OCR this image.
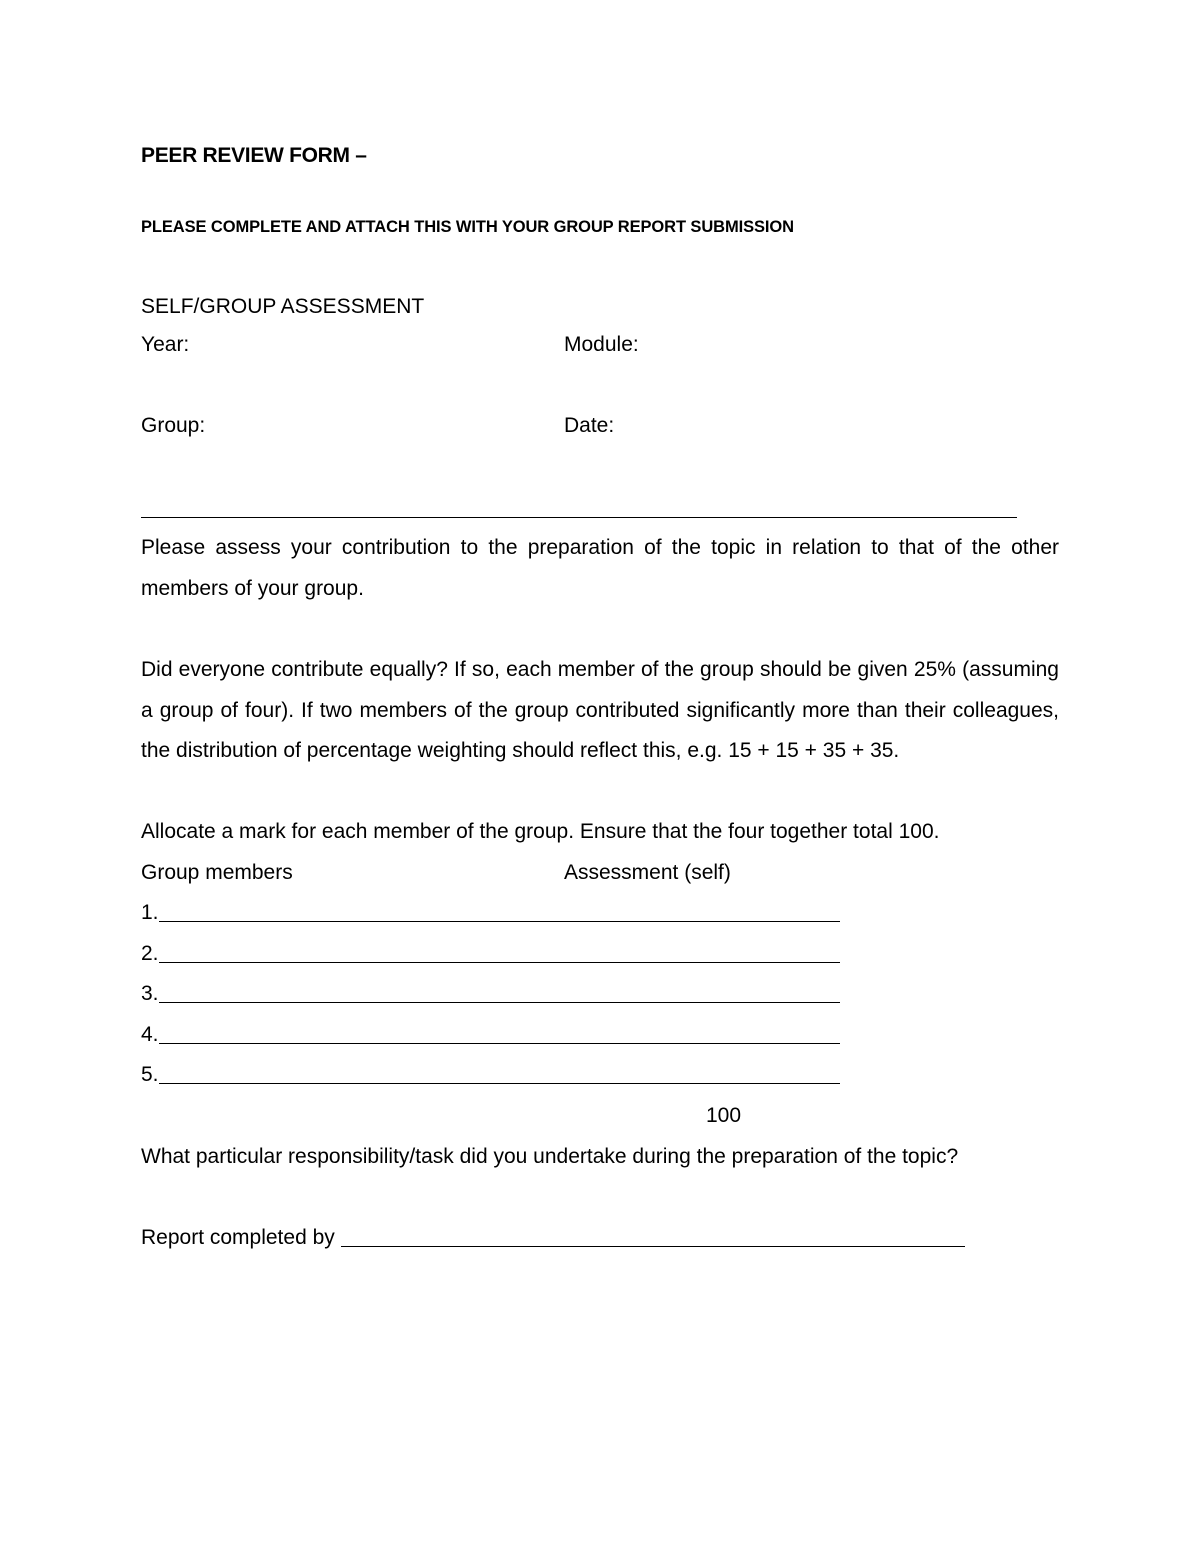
PEER REVIEW FORM –
PLEASE COMPLETE AND ATTACH THIS WITH YOUR GROUP REPORT SUBMISSION
SELF/GROUP ASSESSMENT
Year:	Module:
Group:	Date:
Please assess your contribution to the preparation of the topic in relation to that of the other members of your group.
Did everyone contribute equally? If so, each member of the group should be given 25% (assuming a group of four). If two members of the group contributed significantly more than their colleagues, the distribution of percentage weighting should reflect this, e.g. 15 + 15 + 35 + 35.
Allocate a mark for each member of the group. Ensure that the four together total 100.
Group members	Assessment (self)
1.
2.
3.
4.
5.
100
What particular responsibility/task did you undertake during the preparation of the topic?
Report completed by
